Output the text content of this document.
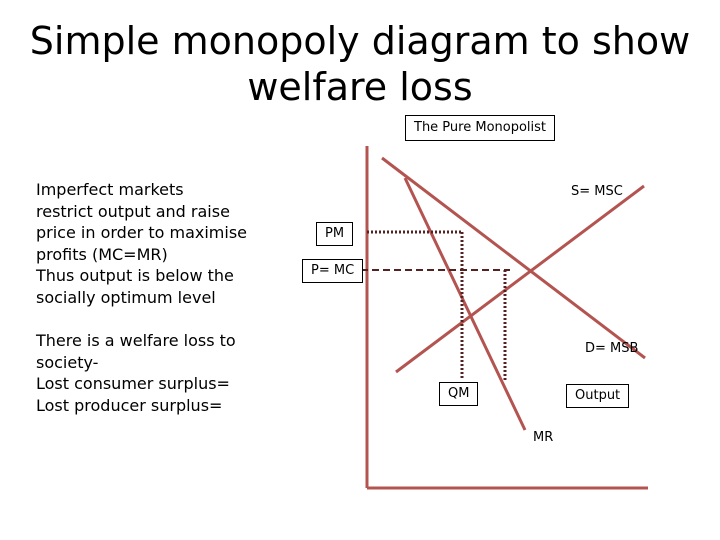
Simple monopoly diagram to show
welfare loss
The Pure Monopolist
Imperfect markets
restrict output and raise
price in order to maximise
profits (MC=MR)
Thus output is below the
socially optimum level
There is a welfare loss to
society-
Lost consumer surplus=
Lost producer surplus=
PM
P= MC
S= MSC
D= MSB
QM	Output
MR
